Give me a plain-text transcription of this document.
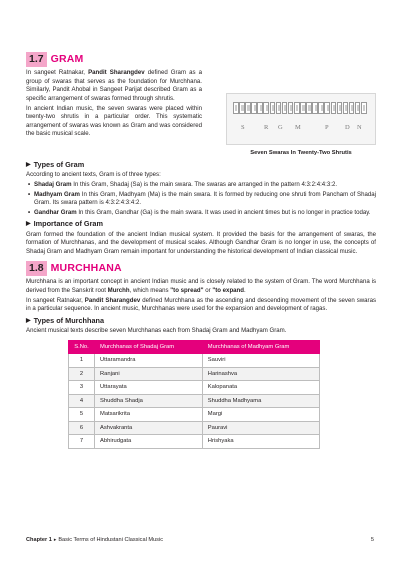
1.7 GRAM

In sangeet Ratnakar, Pandit Sharangdev defined Gram as a group of swaras that serves as the foundation for Murchhana. Similarly, Pandit Ahobal in Sangeet Parijat described Gram as a specific arrangement of swaras formed through shrutis.

In ancient Indian music, the seven swaras were placed within twenty-two shrutis in a particular order. This systematic arrangement of swaras was known as Gram and was considered the basic musical scale.

S	R G M	P	D N
Seven Swaras In Twenty-Two Shrutis
▶ Types of Gram

According to ancient texts, Gram is of three types:

• Shadaj Gram In this Gram, Shadaj (Sa) is the main swara. The swaras are arranged in the pattern 4:3:2:4:4:3:2.
• Madhyam Gram In this Gram, Madhyam (Ma) is the main swara. It is formed by reducing one shruti from Pancham of Shadaj Gram. Its swara pattern is 4:3:2:4:3:4:2.
• Gandhar Gram In this Gram, Gandhar (Ga) is the main swara. It was used in ancient times but is no longer in practice today.
▶ Importance of Gram

Gram formed the foundation of the ancient Indian musical system. It provided the basis for the arrangement of swaras, the formation of Murchhanas, and the development of musical scales. Although Gandhar Gram is no longer in use, the concepts of Shadaj Gram and Madhyam Gram remain important for understanding the historical development of Indian classical music.

1.8 MURCHHANA

Murchhana is an important concept in ancient Indian music and is closely related to the system of Gram. The word Murchhana is derived from the Sanskrit root Murchh, which means "to spread" or "to expand.

In sangeet Ratnakar, Pandit Sharangdev defined Murchhana as the ascending and descending movement of the seven swaras in a particular sequence. In ancient music, Murchhanas were used for the expansion and development of ragas.

▶ Types of Murchhana

Ancient musical texts describe seven Murchhanas each from Shadaj Gram and Madhyam Gram.

S.No.	Murchhanas of Shadaj Gram	Murchhanas of Madhyam Gram
1	Uttaramandra	Sauviri
2	Ranjani	Harinashva
3	Uttarayata	Kalopanata
4	Shuddha Shadja	Shuddha Madhyama
5	Matsarikrita	Margi
6	Ashvakranta	Pauravi
7	Abhirudgata	Hrishyaka
Chapter 1 ▸ Basic Terms of Hindustani Classical Music	5
